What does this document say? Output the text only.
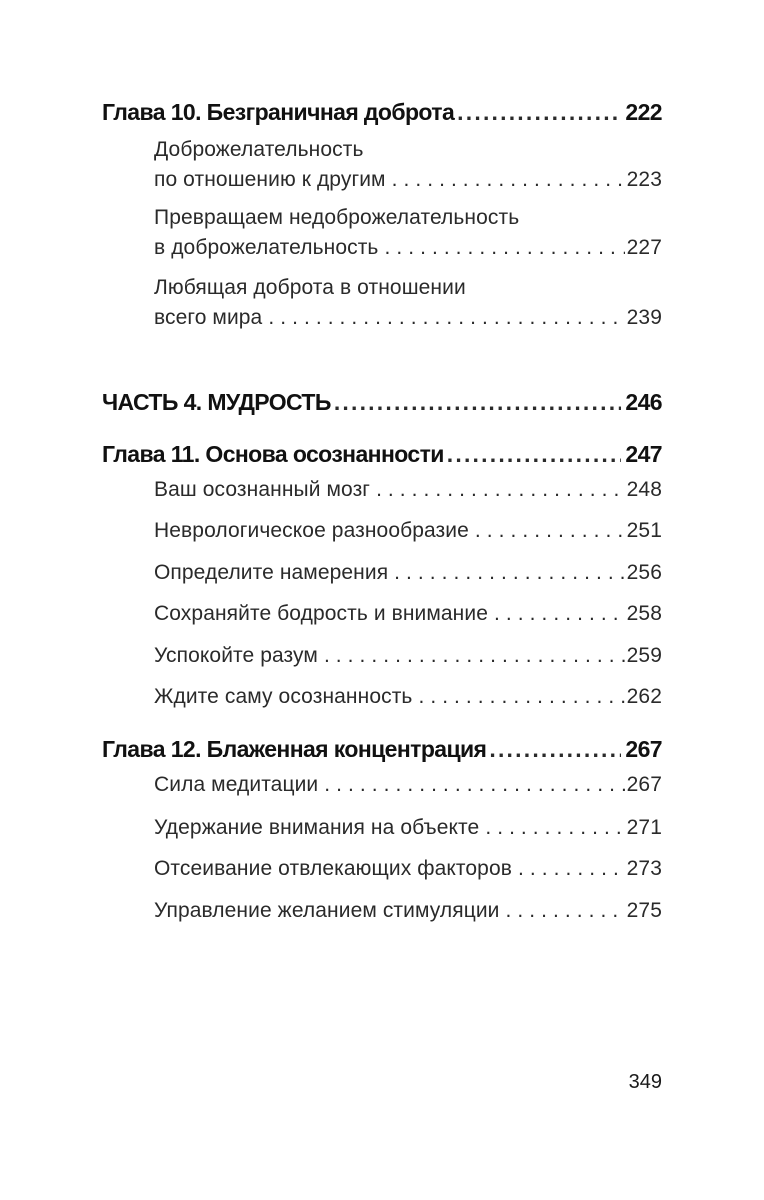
Глава 10. Безграничная доброта .....	222
Доброжелательность
по отношению к другим . . .	223
Превращаем недоброжелательность
в доброжелательность . . .	227
Любящая доброта в отношении
всего мира . . .	239
ЧАСТЬ 4. МУДРОСТЬ .....	246
Глава 11. Основа осознанности .....	247
Ваш осознанный мозг . . .	248
Неврологическое разнообразие . . .	251
Определите намерения . . .	256
Сохраняйте бодрость и внимание . . .	258
Успокойте разум . . .	259
Ждите саму осознанность . . .	262
Глава 12. Блаженная концентрация .....	267
Сила медитации . . .	267
Удержание внимания на объекте . . .	271
Отсеивание отвлекающих факторов . . .	273
Управление желанием стимуляции . . .	275
349
